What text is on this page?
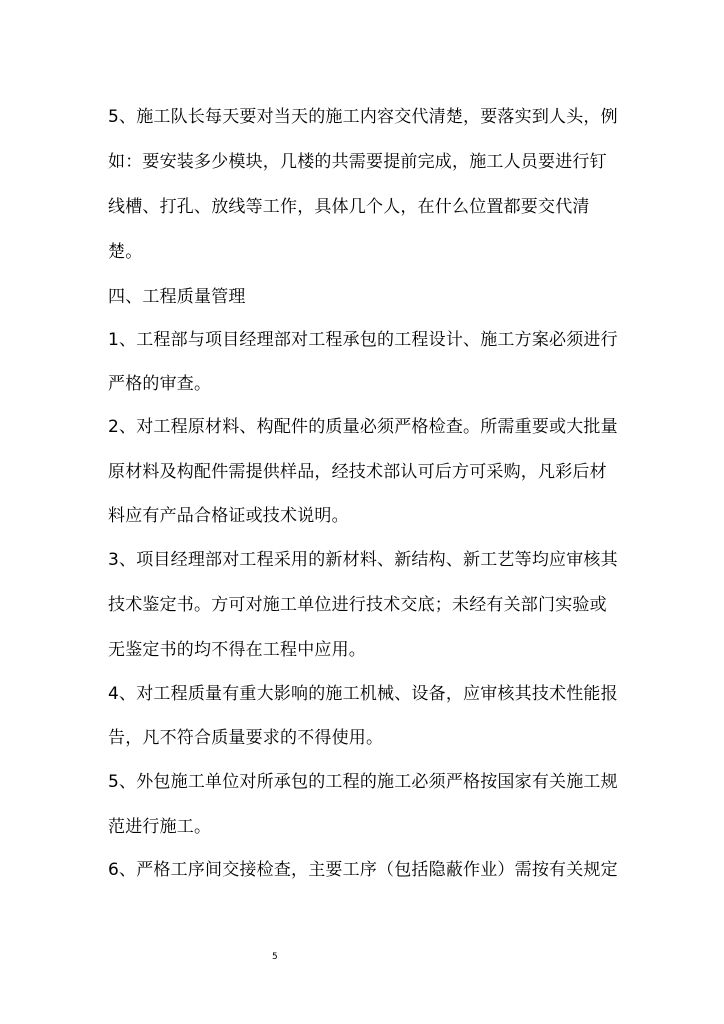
5、施工队长每天要对当天的施工内容交代清楚，要落实到人头，例
如：要安装多少模块，几楼的共需要提前完成，施工人员要进行钉
线槽、打孔、放线等工作，具体几个人，在什么位置都要交代清
楚。
四、工程质量管理
1、工程部与项目经理部对工程承包的工程设计、施工方案必须进行
严格的审查。
2、对工程原材料、构配件的质量必须严格检查。所需重要或大批量
原材料及构配件需提供样品，经技术部认可后方可采购，凡彩后材
料应有产品合格证或技术说明。
3、项目经理部对工程采用的新材料、新结构、新工艺等均应审核其
技术鉴定书。方可对施工单位进行技术交底；未经有关部门实验或
无鉴定书的均不得在工程中应用。
4、对工程质量有重大影响的施工机械、设备，应审核其技术性能报
告，凡不符合质量要求的不得使用。
5、外包施工单位对所承包的工程的施工必须严格按国家有关施工规
范进行施工。
6、严格工序间交接检查，主要工序（包括隐蔽作业）需按有关规定
5
